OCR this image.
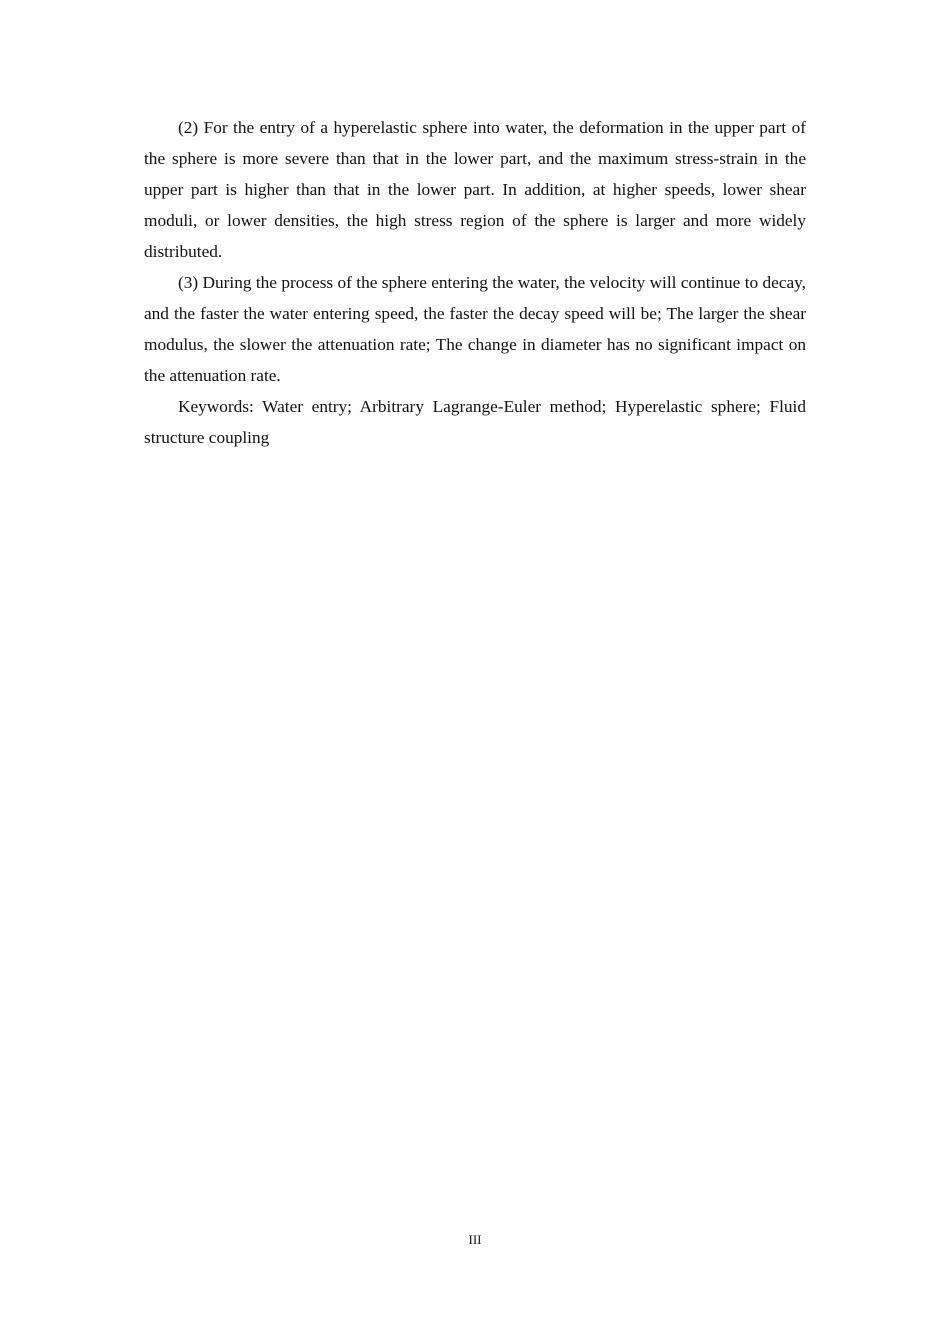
(2) For the entry of a hyperelastic sphere into water, the deformation in the upper part of the sphere is more severe than that in the lower part, and the maximum stress-strain in the upper part is higher than that in the lower part. In addition, at higher speeds, lower shear moduli, or lower densities, the high stress region of the sphere is larger and more widely distributed.

(3) During the process of the sphere entering the water, the velocity will continue to decay, and the faster the water entering speed, the faster the decay speed will be; The larger the shear modulus, the slower the attenuation rate; The change in diameter has no significant impact on the attenuation rate.

Keywords: Water entry; Arbitrary Lagrange-Euler method; Hyperelastic sphere; Fluid structure coupling

III
